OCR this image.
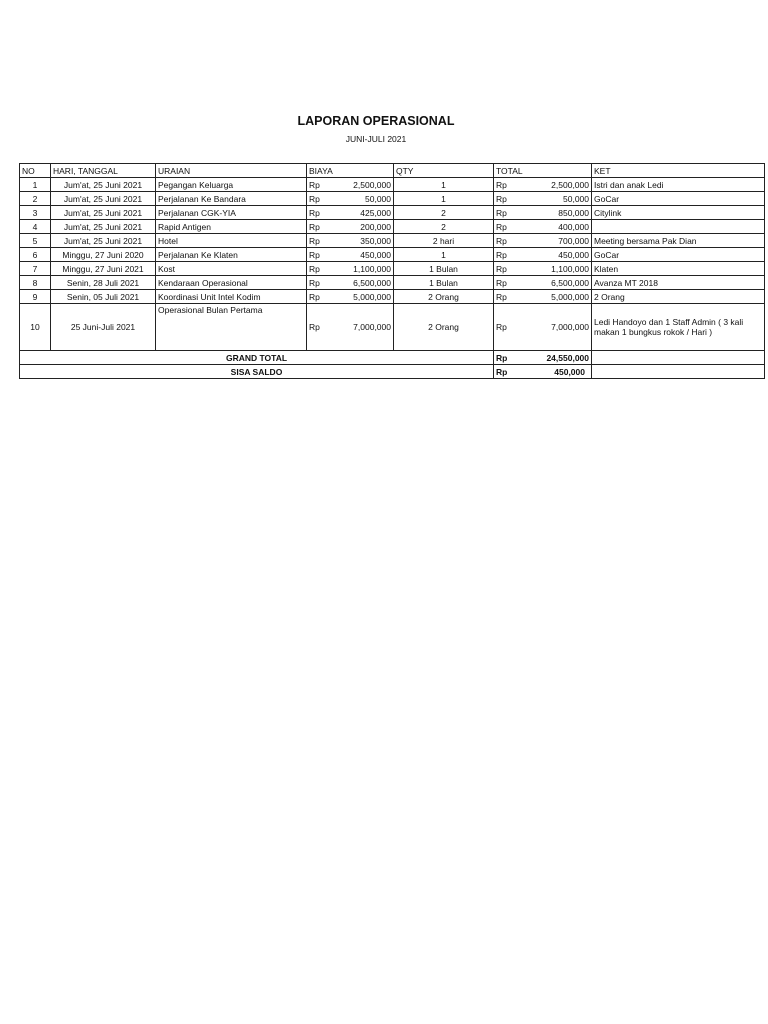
LAPORAN OPERASIONAL
JUNI-JULI 2021
NO	HARI, TANGGAL	URAIAN	BIAYA	QTY	TOTAL	KET
1	Jum'at, 25 Juni 2021	Pegangan Keluarga	Rp 2,500,000	1	Rp 2,500,000	Istri dan anak Ledi
2	Jum'at, 25 Juni 2021	Perjalanan Ke Bandara	Rp 50,000	1	Rp 50,000	GoCar
3	Jum'at, 25 Juni 2021	Perjalanan CGK-YIA	Rp 425,000	2	Rp 850,000	Citylink
4	Jum'at, 25 Juni 2021	Rapid Antigen	Rp 200,000	2	Rp 400,000	

5	Jum'at, 25 Juni 2021	Hotel	Rp 350,000	2 hari	Rp 700,000	Meeting bersama Pak Dian
6	Minggu, 27 Juni 2020	Perjalanan Ke Klaten	Rp 450,000	1	Rp 450,000	GoCar
7	Minggu, 27 Juni 2021	Kost	Rp 1,100,000	1 Bulan	Rp 1,100,000	Klaten
8	Senin, 28 Juli 2021	Kendaraan Operasional	Rp 6,500,000	1 Bulan	Rp 6,500,000	Avanza MT 2018
9	Senin, 05 Juli 2021	Koordinasi Unit Intel Kodim	Rp 5,000,000	2 Orang	Rp 5,000,000	2 Orang
10	25 Juni-Juli 2021	Operasional Bulan Pertama	Rp 7,000,000	2 Orang	Rp 7,000,000	Ledi Handoyo dan 1 Staff Admin ( 3 kali makan 1 bungkus rokok / Hari )
GRAND TOTAL					Rp 24,550,000	

SISA SALDO					Rp 450,000	
